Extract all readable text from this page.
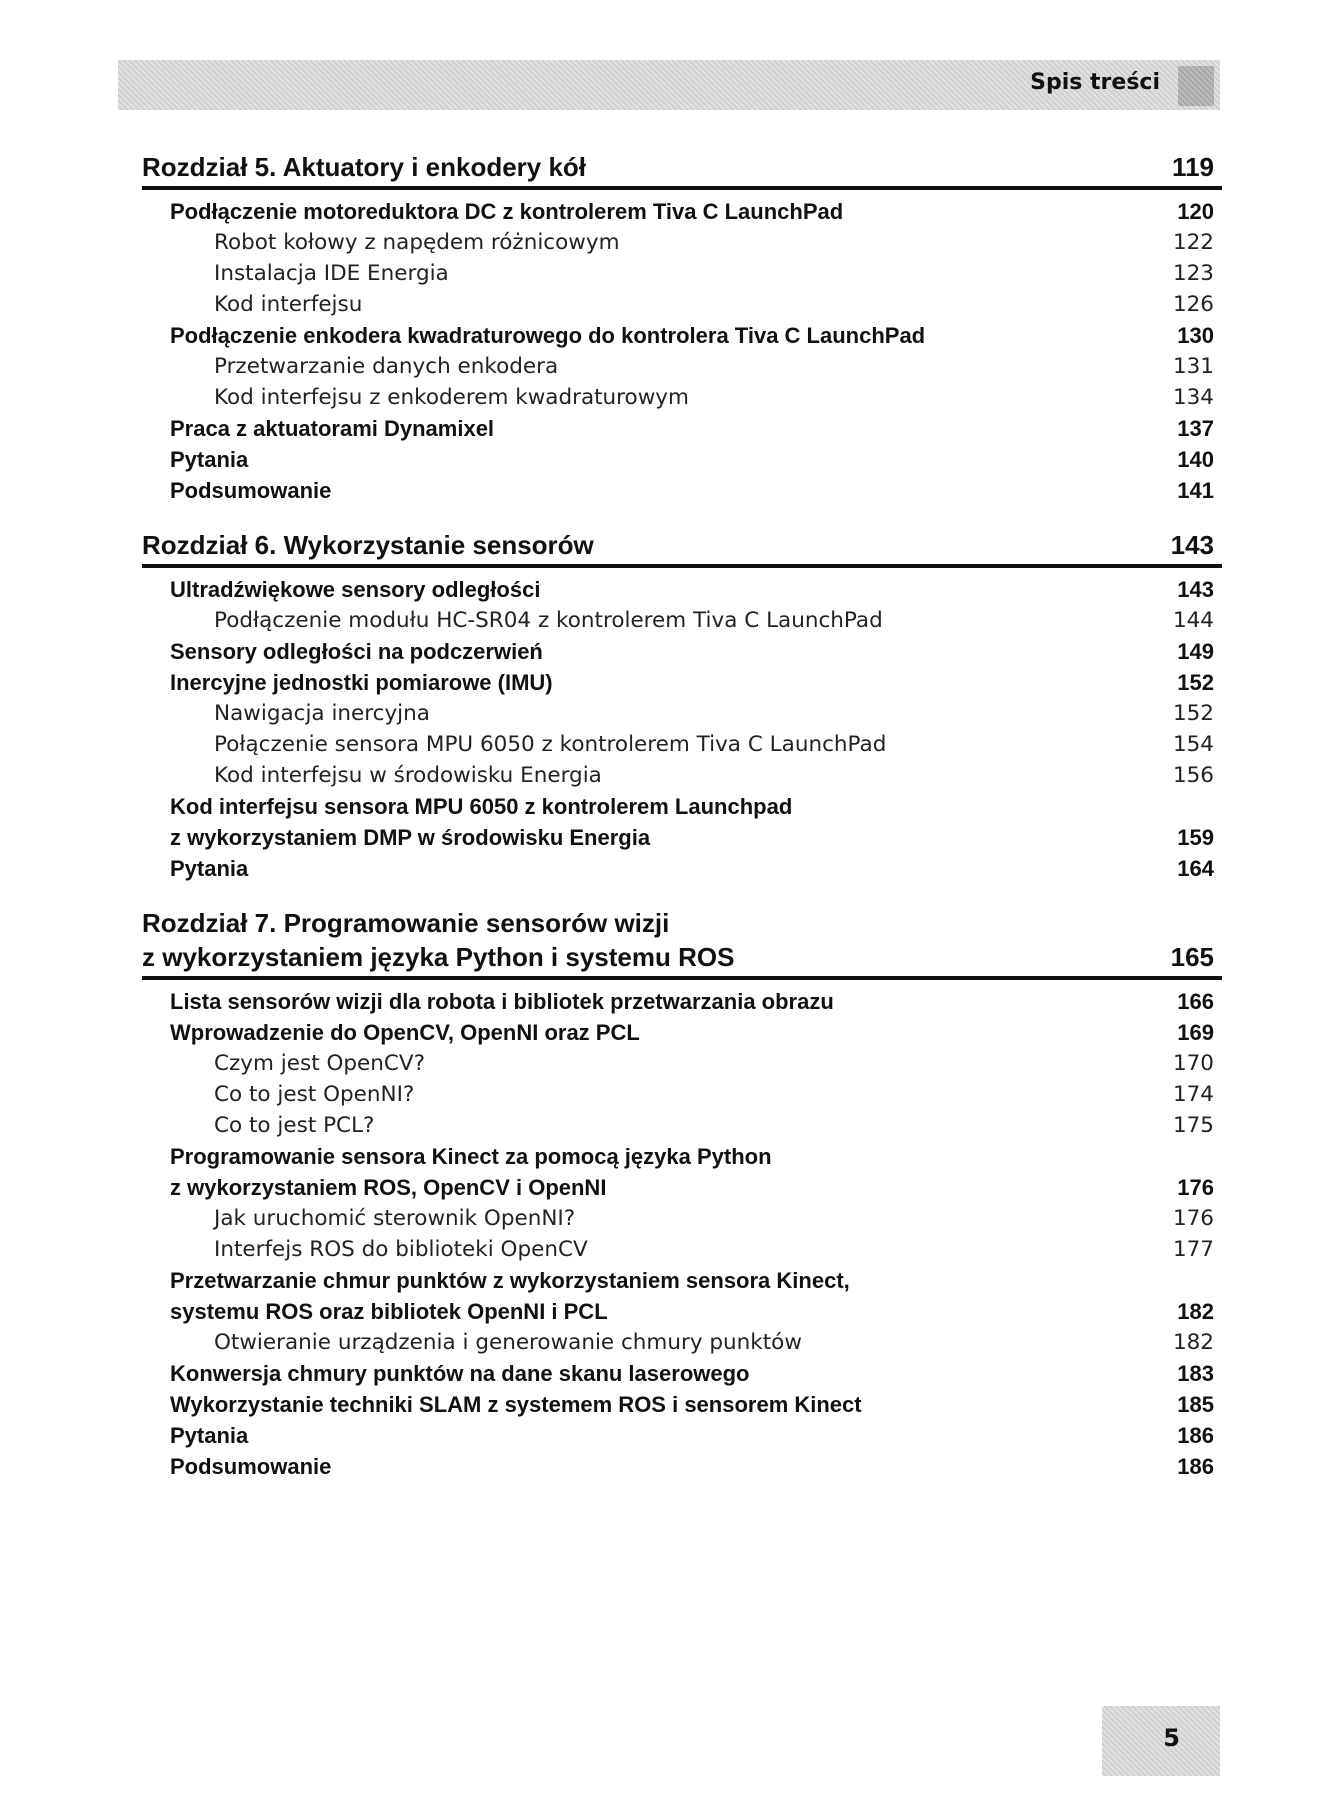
Spis treści
Rozdział 5. Aktuatory i enkodery kół	119
Podłączenie motoreduktora DC z kontrolerem Tiva C LaunchPad	120
Robot kołowy z napędem różnicowym	122
Instalacja IDE Energia	123
Kod interfejsu	126
Podłączenie enkodera kwadraturowego do kontrolera Tiva C LaunchPad	130
Przetwarzanie danych enkodera	131
Kod interfejsu z enkoderem kwadraturowym	134
Praca z aktuatorami Dynamixel	137
Pytania	140
Podsumowanie	141
Rozdział 6. Wykorzystanie sensorów	143
Ultradźwiękowe sensory odległości	143
Podłączenie modułu HC-SR04 z kontrolerem Tiva C LaunchPad	144
Sensory odległości na podczerwień	149
Inercyjne jednostki pomiarowe (IMU)	152
Nawigacja inercyjna	152
Połączenie sensora MPU 6050 z kontrolerem Tiva C LaunchPad	154
Kod interfejsu w środowisku Energia	156
Kod interfejsu sensora MPU 6050 z kontrolerem Launchpad
z wykorzystaniem DMP w środowisku Energia	159
Pytania	164
Rozdział 7. Programowanie sensorów wizji
z wykorzystaniem języka Python i systemu ROS	165
Lista sensorów wizji dla robota i bibliotek przetwarzania obrazu	166
Wprowadzenie do OpenCV, OpenNI oraz PCL	169
Czym jest OpenCV?	170
Co to jest OpenNI?	174
Co to jest PCL?	175
Programowanie sensora Kinect za pomocą języka Python
z wykorzystaniem ROS, OpenCV i OpenNI	176
Jak uruchomić sterownik OpenNI?	176
Interfejs ROS do biblioteki OpenCV	177
Przetwarzanie chmur punktów z wykorzystaniem sensora Kinect,
systemu ROS oraz bibliotek OpenNI i PCL	182
Otwieranie urządzenia i generowanie chmury punktów	182
Konwersja chmury punktów na dane skanu laserowego	183
Wykorzystanie techniki SLAM z systemem ROS i sensorem Kinect	185
Pytania	186
Podsumowanie	186
5
